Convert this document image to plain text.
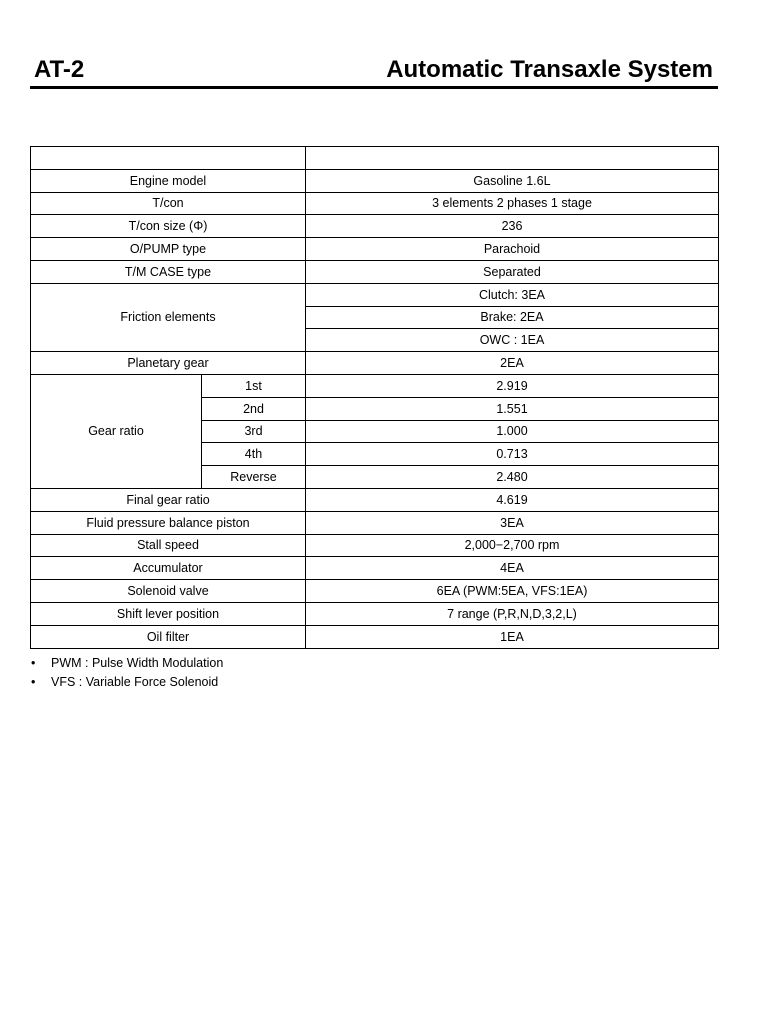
AT-2	Automatic Transaxle System

Engine model		Gasoline 1.6L
T/con		3 elements 2 phases 1 stage
T/con size (Φ)		236
O/PUMP type		Parachoid
T/M CASE type		Separated
Friction elements		Clutch: 3EA
		Brake: 2EA
		OWC : 1EA
Planetary gear		2EA
Gear ratio	1st	2.919
	2nd	1.551
	3rd	1.000
	4th	0.713
	Reverse	2.480
Final gear ratio		4.619
Fluid pressure balance piston		3EA
Stall speed		2,000−2,700 rpm
Accumulator		4EA
Solenoid valve		6EA (PWM:5EA, VFS:1EA)
Shift lever position		7 range (P,R,N,D,3,2,L)
Oil filter		1EA
•	PWM : Pulse Width Modulation
•	VFS : Variable Force Solenoid
